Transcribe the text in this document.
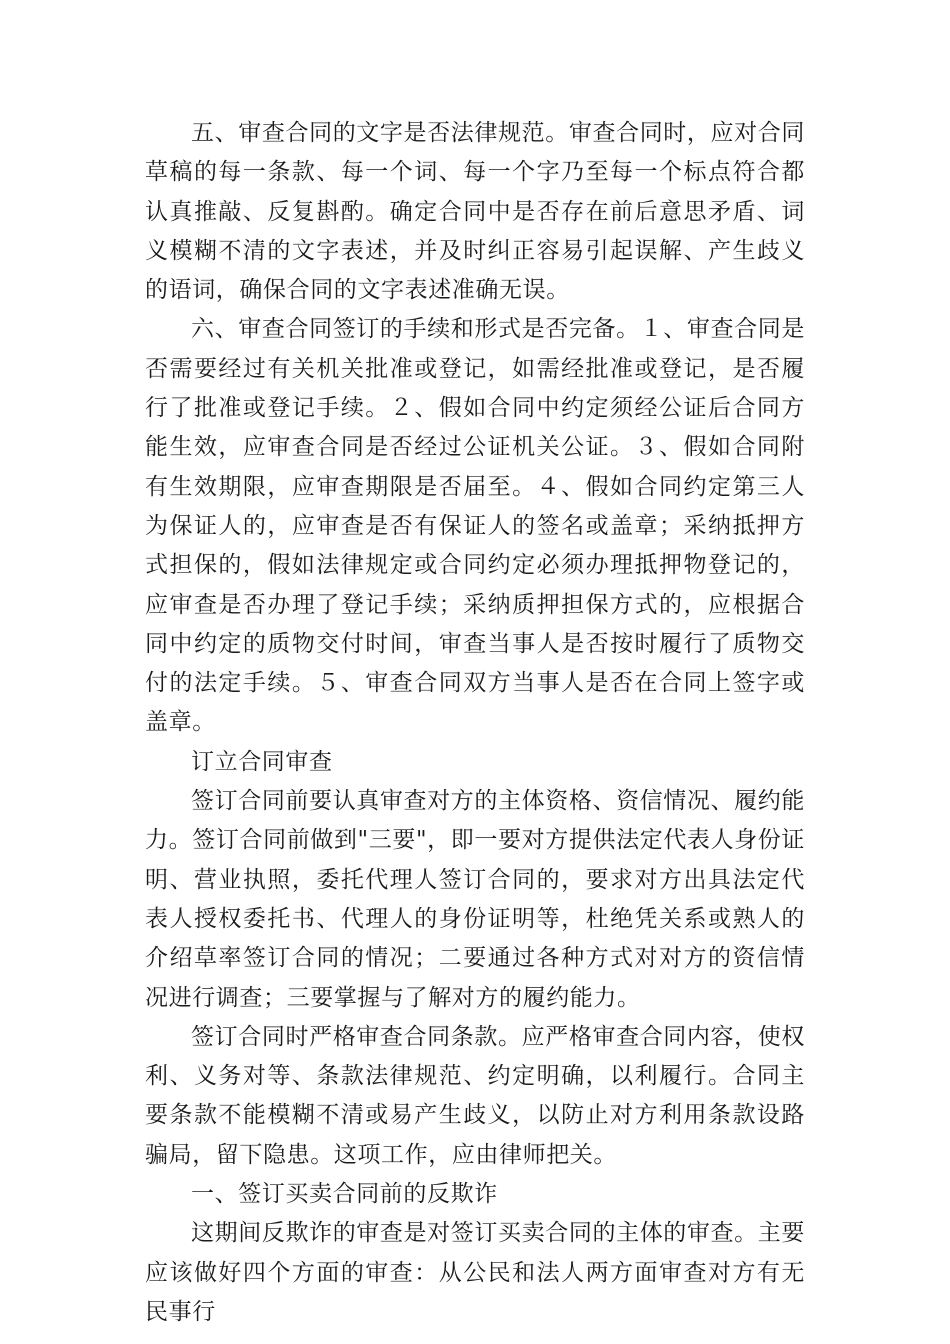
五、审查合同的文字是否法律规范。审查合同时，应对合同草稿的每一条款、每一个词、每一个字乃至每一个标点符合都认真推敲、反复斟酌。确定合同中是否存在前后意思矛盾、词义模糊不清的文字表述，并及时纠正容易引起误解、产生歧义的语词，确保合同的文字表述准确无误。

六、审查合同签订的手续和形式是否完备。１、审查合同是否需要经过有关机关批准或登记，如需经批准或登记，是否履行了批准或登记手续。２、假如合同中约定须经公证后合同方能生效，应审查合同是否经过公证机关公证。３、假如合同附有生效期限，应审查期限是否届至。４、假如合同约定第三人为保证人的，应审查是否有保证人的签名或盖章；采纳抵押方式担保的，假如法律规定或合同约定必须办理抵押物登记的，应审查是否办理了登记手续；采纳质押担保方式的，应根据合同中约定的质物交付时间，审查当事人是否按时履行了质物交付的法定手续。５、审查合同双方当事人是否在合同上签字或盖章。

订立合同审查

签订合同前要认真审查对方的主体资格、资信情况、履约能力。签订合同前做到"三要"，即一要对方提供法定代表人身份证明、营业执照，委托代理人签订合同的，要求对方出具法定代表人授权委托书、代理人的身份证明等，杜绝凭关系或熟人的介绍草率签订合同的情况；二要通过各种方式对对方的资信情况进行调查；三要掌握与了解对方的履约能力。

签订合同时严格审查合同条款。应严格审查合同内容，使权利、义务对等、条款法律规范、约定明确，以利履行。合同主要条款不能模糊不清或易产生歧义，以防止对方利用条款设路骗局，留下隐患。这项工作，应由律师把关。

一、签订买卖合同前的反欺诈

这期间反欺诈的审查是对签订买卖合同的主体的审查。主要应该做好四个方面的审查：从公民和法人两方面审查对方有无民事行
